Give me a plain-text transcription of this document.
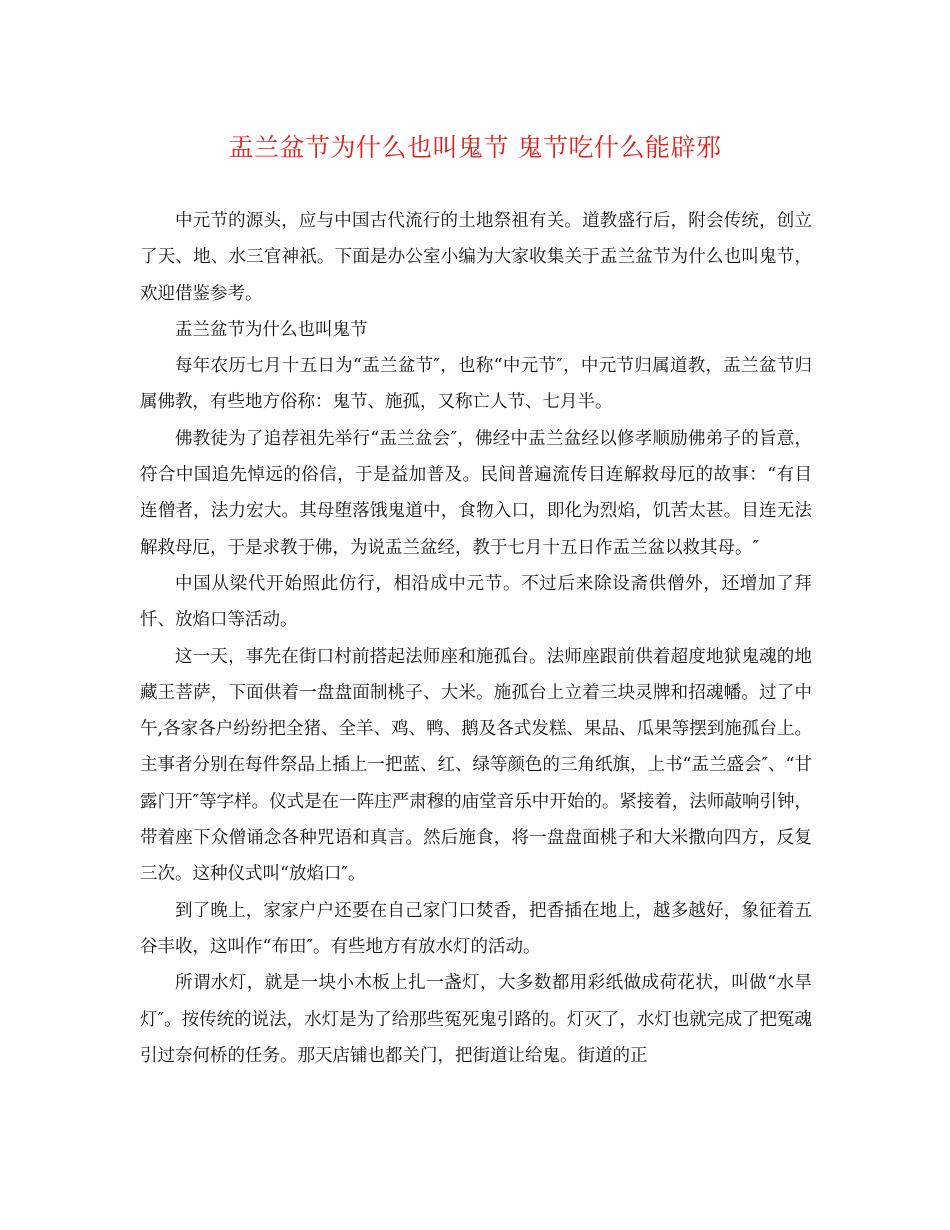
盂兰盆节为什么也叫鬼节 鬼节吃什么能辟邪

中元节的源头，应与中国古代流行的土地祭祖有关。道教盛行后，附会传统，创立了天、地、水三官神祇。下面是办公室小编为大家收集关于盂兰盆节为什么也叫鬼节，欢迎借鉴参考。

盂兰盆节为什么也叫鬼节

每年农历七月十五日为“盂兰盆节″，也称“中元节″，中元节归属道教，盂兰盆节归属佛教，有些地方俗称：鬼节、施孤，又称亡人节、七月半。

佛教徒为了追荐祖先举行“盂兰盆会″，佛经中盂兰盆经以修孝顺励佛弟子的旨意，符合中国追先悼远的俗信，于是益加普及。民间普遍流传目连解救母厄的故事：“有目连僧者，法力宏大。其母堕落饿鬼道中，食物入口，即化为烈焰，饥苦太甚。目连无法解救母厄，于是求教于佛，为说盂兰盆经，教于七月十五日作盂兰盆以救其母。″

中国从梁代开始照此仿行，相沿成中元节。不过后来除设斋供僧外，还增加了拜忏、放焰口等活动。

这一天，事先在街口村前搭起法师座和施孤台。法师座跟前供着超度地狱鬼魂的地藏王菩萨，下面供着一盘盘面制桃子、大米。施孤台上立着三块灵牌和招魂幡。过了中午,各家各户纷纷把全猪、全羊、鸡、鸭、鹅及各式发糕、果品、瓜果等摆到施孤台上。主事者分别在每件祭品上插上一把蓝、红、绿等颜色的三角纸旗，上书“盂兰盛会″、“甘露门开″等字样。仪式是在一阵庄严肃穆的庙堂音乐中开始的。紧接着，法师敲响引钟，带着座下众僧诵念各种咒语和真言。然后施食，将一盘盘面桃子和大米撒向四方，反复三次。这种仪式叫“放焰口″。

到了晚上，家家户户还要在自己家门口焚香，把香插在地上，越多越好，象征着五谷丰收，这叫作“布田″。有些地方有放水灯的活动。

所谓水灯，就是一块小木板上扎一盏灯，大多数都用彩纸做成荷花状，叫做“水旱灯″。按传统的说法，水灯是为了给那些冤死鬼引路的。灯灭了，水灯也就完成了把冤魂引过奈何桥的任务。那天店铺也都关门，把街道让给鬼。街道的正
